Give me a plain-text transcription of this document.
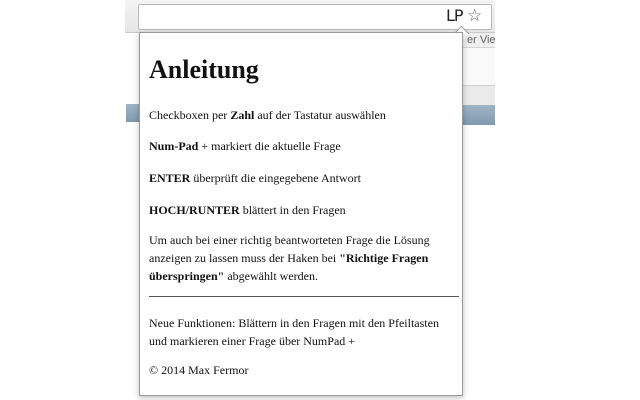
LP ☆
er Vie
Anleitung

Checkboxen per Zahl auf der Tastatur auswählen

Num-Pad + markiert die aktuelle Frage

ENTER überprüft die eingegebene Antwort

HOCH/RUNTER blättert in den Fragen

Um auch bei einer richtig beantworteten Frage die Lösung anzeigen zu lassen muss der Haken bei "Richtige Fragen überspringen" abgewählt werden.

Neue Funktionen: Blättern in den Fragen mit den Pfeiltasten und markieren einer Frage über NumPad +

© 2014 Max Fermor
